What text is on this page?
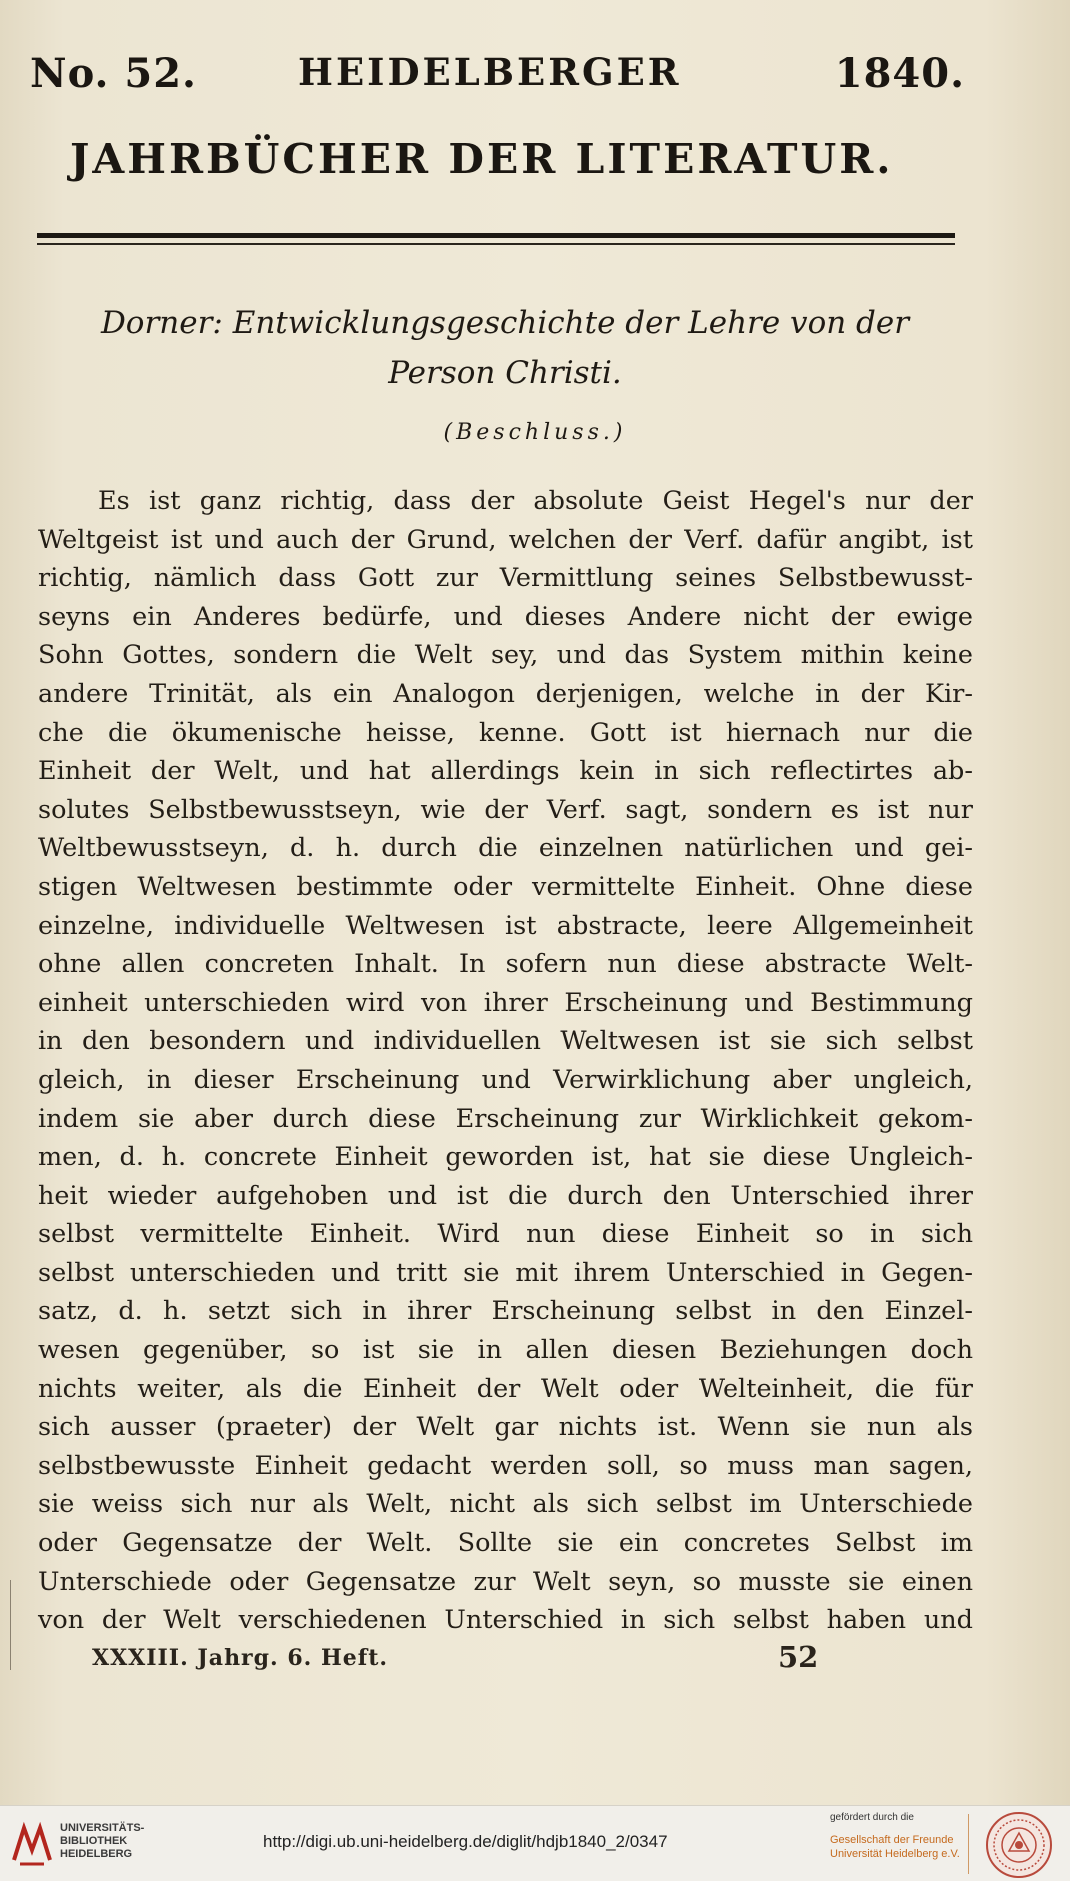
No. 52.	HEIDELBERGER	1840.
JAHRBÜCHER DER LITERATUR.
Dorner: Entwicklungsgeschichte der Lehre von der
Person Christi.
(Beschluss.)
Es ist ganz richtig, dass der absolute Geist Hegel's nur der
Weltgeist ist und auch der Grund, welchen der Verf. dafür angibt, ist
richtig, nämlich dass Gott zur Vermittlung seines Selbstbewusst-
seyns ein Anderes bedürfe, und dieses Andere nicht der ewige
Sohn Gottes, sondern die Welt sey, und das System mithin keine
andere Trinität, als ein Analogon derjenigen, welche in der Kir-
che die ökumenische heisse, kenne. Gott ist hiernach nur die
Einheit der Welt, und hat allerdings kein in sich reflectirtes ab-
solutes Selbstbewusstseyn, wie der Verf. sagt, sondern es ist nur
Weltbewusstseyn, d. h. durch die einzelnen natürlichen und gei-
stigen Weltwesen bestimmte oder vermittelte Einheit. Ohne diese
einzelne, individuelle Weltwesen ist abstracte, leere Allgemeinheit
ohne allen concreten Inhalt. In sofern nun diese abstracte Welt-
einheit unterschieden wird von ihrer Erscheinung und Bestimmung
in den besondern und individuellen Weltwesen ist sie sich selbst
gleich, in dieser Erscheinung und Verwirklichung aber ungleich,
indem sie aber durch diese Erscheinung zur Wirklichkeit gekom-
men, d. h. concrete Einheit geworden ist, hat sie diese Ungleich-
heit wieder aufgehoben und ist die durch den Unterschied ihrer
selbst vermittelte Einheit. Wird nun diese Einheit so in sich
selbst unterschieden und tritt sie mit ihrem Unterschied in Gegen-
satz, d. h. setzt sich in ihrer Erscheinung selbst in den Einzel-
wesen gegenüber, so ist sie in allen diesen Beziehungen doch
nichts weiter, als die Einheit der Welt oder Welteinheit, die für
sich ausser (praeter) der Welt gar nichts ist. Wenn sie nun als
selbstbewusste Einheit gedacht werden soll, so muss man sagen,
sie weiss sich nur als Welt, nicht als sich selbst im Unterschiede
oder Gegensatze der Welt. Sollte sie ein concretes Selbst im
Unterschiede oder Gegensatze zur Welt seyn, so musste sie einen
von der Welt verschiedenen Unterschied in sich selbst haben und
XXXIII. Jahrg. 6. Heft.	52
UNIVERSITÄTS-
BIBLIOTHEK
HEIDELBERG
http://digi.ub.uni-heidelberg.de/diglit/hdjb1840_2/0347
gefördert durch die
Gesellschaft der Freunde
Universität Heidelberg e.V.
